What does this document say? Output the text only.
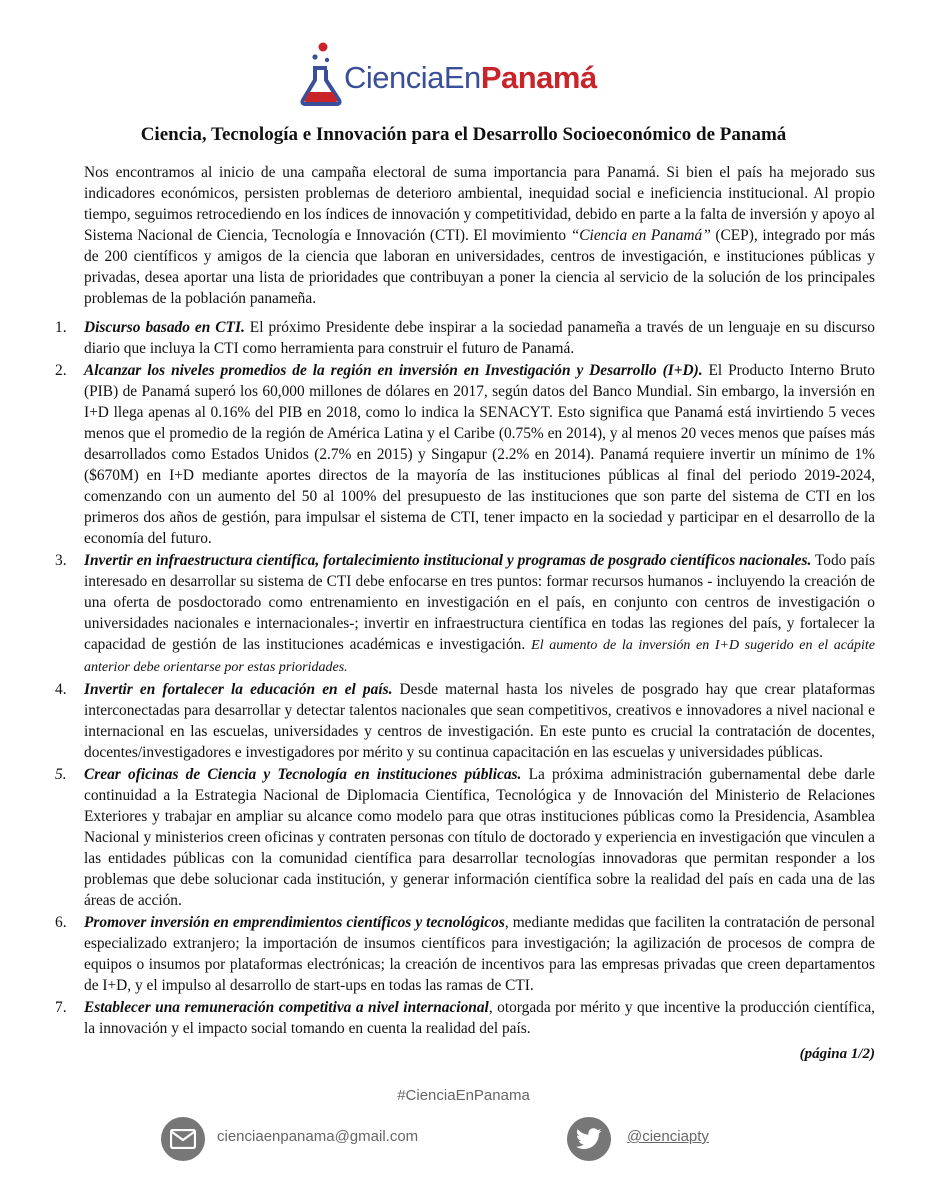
CienciaEnPanamá
Ciencia, Tecnología e Innovación para el Desarrollo Socioeconómico de Panamá

Nos encontramos al inicio de una campaña electoral de suma importancia para Panamá. Si bien el país ha mejorado sus indicadores económicos, persisten problemas de deterioro ambiental, inequidad social e ineficiencia institucional. Al propio tiempo, seguimos retrocediendo en los índices de innovación y competitividad, debido en parte a la falta de inversión y apoyo al Sistema Nacional de Ciencia, Tecnología e Innovación (CTI). El movimiento “Ciencia en Panamá” (CEP), integrado por más de 200 científicos y amigos de la ciencia que laboran en universidades, centros de investigación, e instituciones públicas y privadas, desea aportar una lista de prioridades que contribuyan a poner la ciencia al servicio de la solución de los principales problemas de la población panameña.

1. Discurso basado en CTI. El próximo Presidente debe inspirar a la sociedad panameña a través de un lenguaje en su discurso diario que incluya la CTI como herramienta para construir el futuro de Panamá.
2. Alcanzar los niveles promedios de la región en inversión en Investigación y Desarrollo (I+D). El Producto Interno Bruto (PIB) de Panamá superó los 60,000 millones de dólares en 2017, según datos del Banco Mundial. Sin embargo, la inversión en I+D llega apenas al 0.16% del PIB en 2018, como lo indica la SENACYT. Esto significa que Panamá está invirtiendo 5 veces menos que el promedio de la región de América Latina y el Caribe (0.75% en 2014), y al menos 20 veces menos que países más desarrollados como Estados Unidos (2.7% en 2015) y Singapur (2.2% en 2014). Panamá requiere invertir un mínimo de 1% ($670M) en I+D mediante aportes directos de la mayoría de las instituciones públicas al final del periodo 2019-2024, comenzando con un aumento del 50 al 100% del presupuesto de las instituciones que son parte del sistema de CTI en los primeros dos años de gestión, para impulsar el sistema de CTI, tener impacto en la sociedad y participar en el desarrollo de la economía del futuro.
3. Invertir en infraestructura científica, fortalecimiento institucional y programas de posgrado científicos nacionales. Todo país interesado en desarrollar su sistema de CTI debe enfocarse en tres puntos: formar recursos humanos - incluyendo la creación de una oferta de posdoctorado como entrenamiento en investigación en el país, en conjunto con centros de investigación o universidades nacionales e internacionales-; invertir en infraestructura científica en todas las regiones del país, y fortalecer la capacidad de gestión de las instituciones académicas e investigación. El aumento de la inversión en I+D sugerido en el acápite anterior debe orientarse por estas prioridades.
4. Invertir en fortalecer la educación en el país. Desde maternal hasta los niveles de posgrado hay que crear plataformas interconectadas para desarrollar y detectar talentos nacionales que sean competitivos, creativos e innovadores a nivel nacional e internacional en las escuelas, universidades y centros de investigación. En este punto es crucial la contratación de docentes, docentes/investigadores e investigadores por mérito y su continua capacitación en las escuelas y universidades públicas.
5. Crear oficinas de Ciencia y Tecnología en instituciones públicas. La próxima administración gubernamental debe darle continuidad a la Estrategia Nacional de Diplomacia Científica, Tecnológica y de Innovación del Ministerio de Relaciones Exteriores y trabajar en ampliar su alcance como modelo para que otras instituciones públicas como la Presidencia, Asamblea Nacional y ministerios creen oficinas y contraten personas con título de doctorado y experiencia en investigación que vinculen a las entidades públicas con la comunidad científica para desarrollar tecnologías innovadoras que permitan responder a los problemas que debe solucionar cada institución, y generar información científica sobre la realidad del país en cada una de las áreas de acción.
6. Promover inversión en emprendimientos científicos y tecnológicos, mediante medidas que faciliten la contratación de personal especializado extranjero; la importación de insumos científicos para investigación; la agilización de procesos de compra de equipos o insumos por plataformas electrónicas; la creación de incentivos para las empresas privadas que creen departamentos de I+D, y el impulso al desarrollo de start-ups en todas las ramas de CTI.
7. Establecer una remuneración competitiva a nivel internacional, otorgada por mérito y que incentive la producción científica, la innovación y el impacto social tomando en cuenta la realidad del país.
(página 1/2)
#CienciaEnPanama
cienciaenpanama@gmail.com	@cienciapty
